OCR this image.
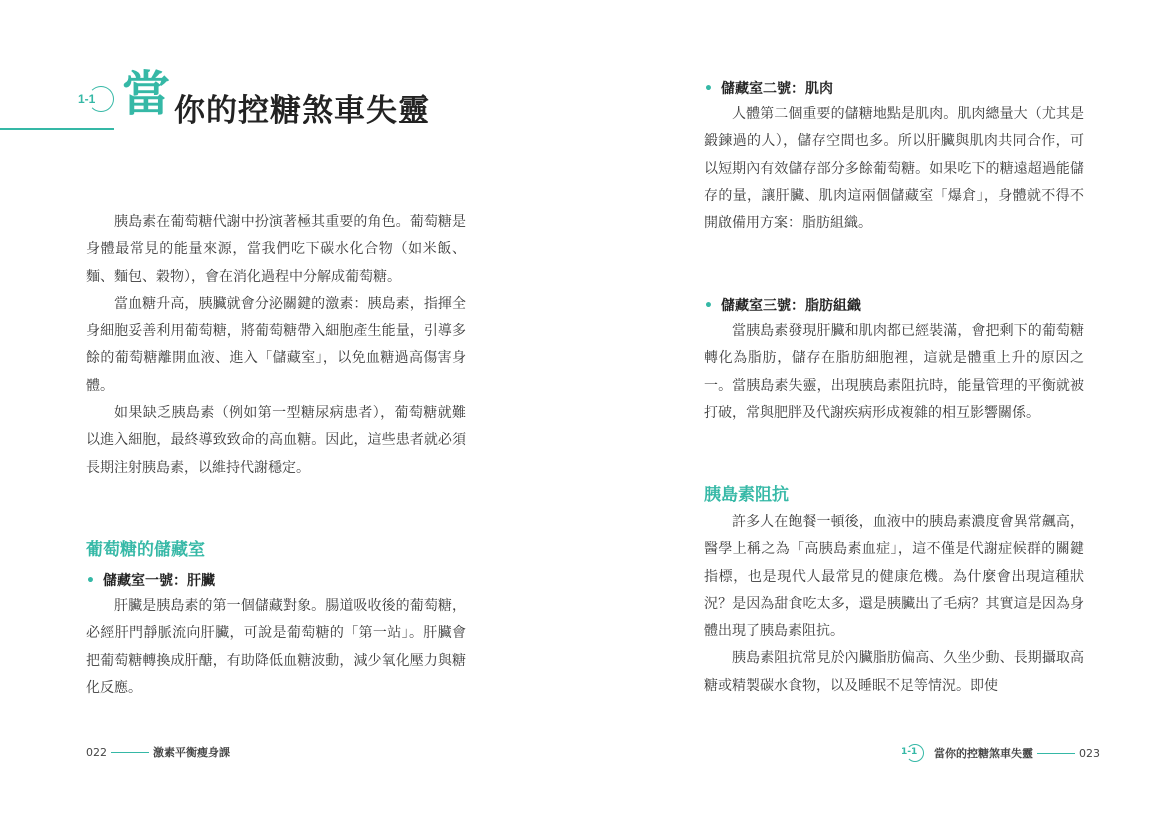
1-1 當 你的控糖煞車失靈

胰島素在葡萄糖代謝中扮演著極其重要的角色。葡萄糖是身體最常見的能量來源，當我們吃下碳水化合物（如米飯、麵、麵包、穀物），會在消化過程中分解成葡萄糖。

當血糖升高，胰臟就會分泌關鍵的激素：胰島素，指揮全身細胞妥善利用葡萄糖，將葡萄糖帶入細胞產生能量，引導多餘的葡萄糖離開血液、進入「儲藏室」，以免血糖過高傷害身體。

如果缺乏胰島素（例如第一型糖尿病患者），葡萄糖就難以進入細胞，最終導致致命的高血糖。因此，這些患者就必須長期注射胰島素，以維持代謝穩定。

葡萄糖的儲藏室
• 儲藏室一號：肝臟

肝臟是胰島素的第一個儲藏對象。腸道吸收後的葡萄糖，必經肝門靜脈流向肝臟，可說是葡萄糖的「第一站」。肝臟會把葡萄糖轉換成肝醣，有助降低血糖波動，減少氧化壓力與糖化反應。

022	激素平衡瘦身課
• 儲藏室二號：肌肉

人體第二個重要的儲糖地點是肌肉。肌肉總量大（尤其是鍛鍊過的人），儲存空間也多。所以肝臟與肌肉共同合作，可以短期內有效儲存部分多餘葡萄糖。如果吃下的糖遠超過能儲存的量，讓肝臟、肌肉這兩個儲藏室「爆倉」，身體就不得不開啟備用方案：脂肪組織。

• 儲藏室三號：脂肪組織

當胰島素發現肝臟和肌肉都已經裝滿，會把剩下的葡萄糖轉化為脂肪，儲存在脂肪細胞裡，這就是體重上升的原因之一。當胰島素失靈，出現胰島素阻抗時，能量管理的平衡就被打破，常與肥胖及代謝疾病形成複雜的相互影響關係。

胰島素阻抗

許多人在飽餐一頓後，血液中的胰島素濃度會異常飆高，醫學上稱之為「高胰島素血症」，這不僅是代謝症候群的關鍵指標，也是現代人最常見的健康危機。為什麼會出現這種狀況？是因為甜食吃太多，還是胰臟出了毛病？其實這是因為身體出現了胰島素阻抗。

胰島素阻抗常見於內臟脂肪偏高、久坐少動、長期攝取高糖或精製碳水食物，以及睡眠不足等情況。即使

1-1 當你的控糖煞車失靈	023
